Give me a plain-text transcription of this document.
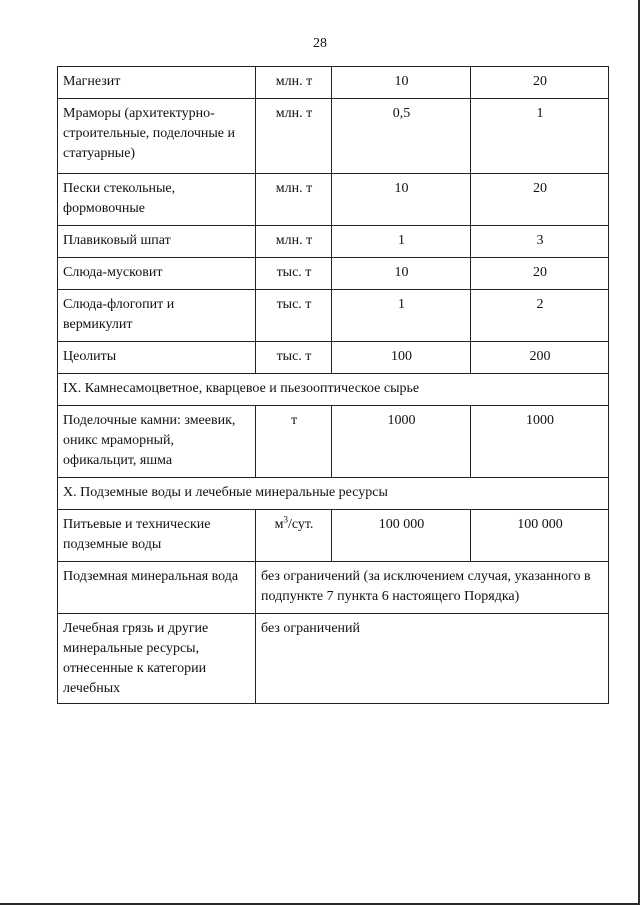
28
Магнезит	млн. т	10	20
Мраморы (архитектурно-
строительные, поделочные и
статуарные)	млн. т	0,5	1
Пески стекольные,
формовочные	млн. т	10	20
Плавиковый шпат	млн. т	1	3
Слюда-мусковит	тыс. т	10	20
Слюда-флогопит и
вермикулит	тыс. т	1	2
Цеолиты	тыс. т	100	200
IX. Камнесамоцветное, кварцевое и пьезооптическое сырье			
Поделочные камни: змеевик,
оникс мраморный,
офикальцит, яшма	т	1000	1000
X. Подземные воды и лечебные минеральные ресурсы			
Питьевые и технические
подземные воды	$м^3$/сут.	100 000	100 000
Подземная минеральная вода	без ограничений (за исключением случая, указанного в подпункте 7 пункта 6 настоящего Порядка)		
Лечебная грязь и другие
минеральные ресурсы,
отнесенные к категории
лечебных	без ограничений		
